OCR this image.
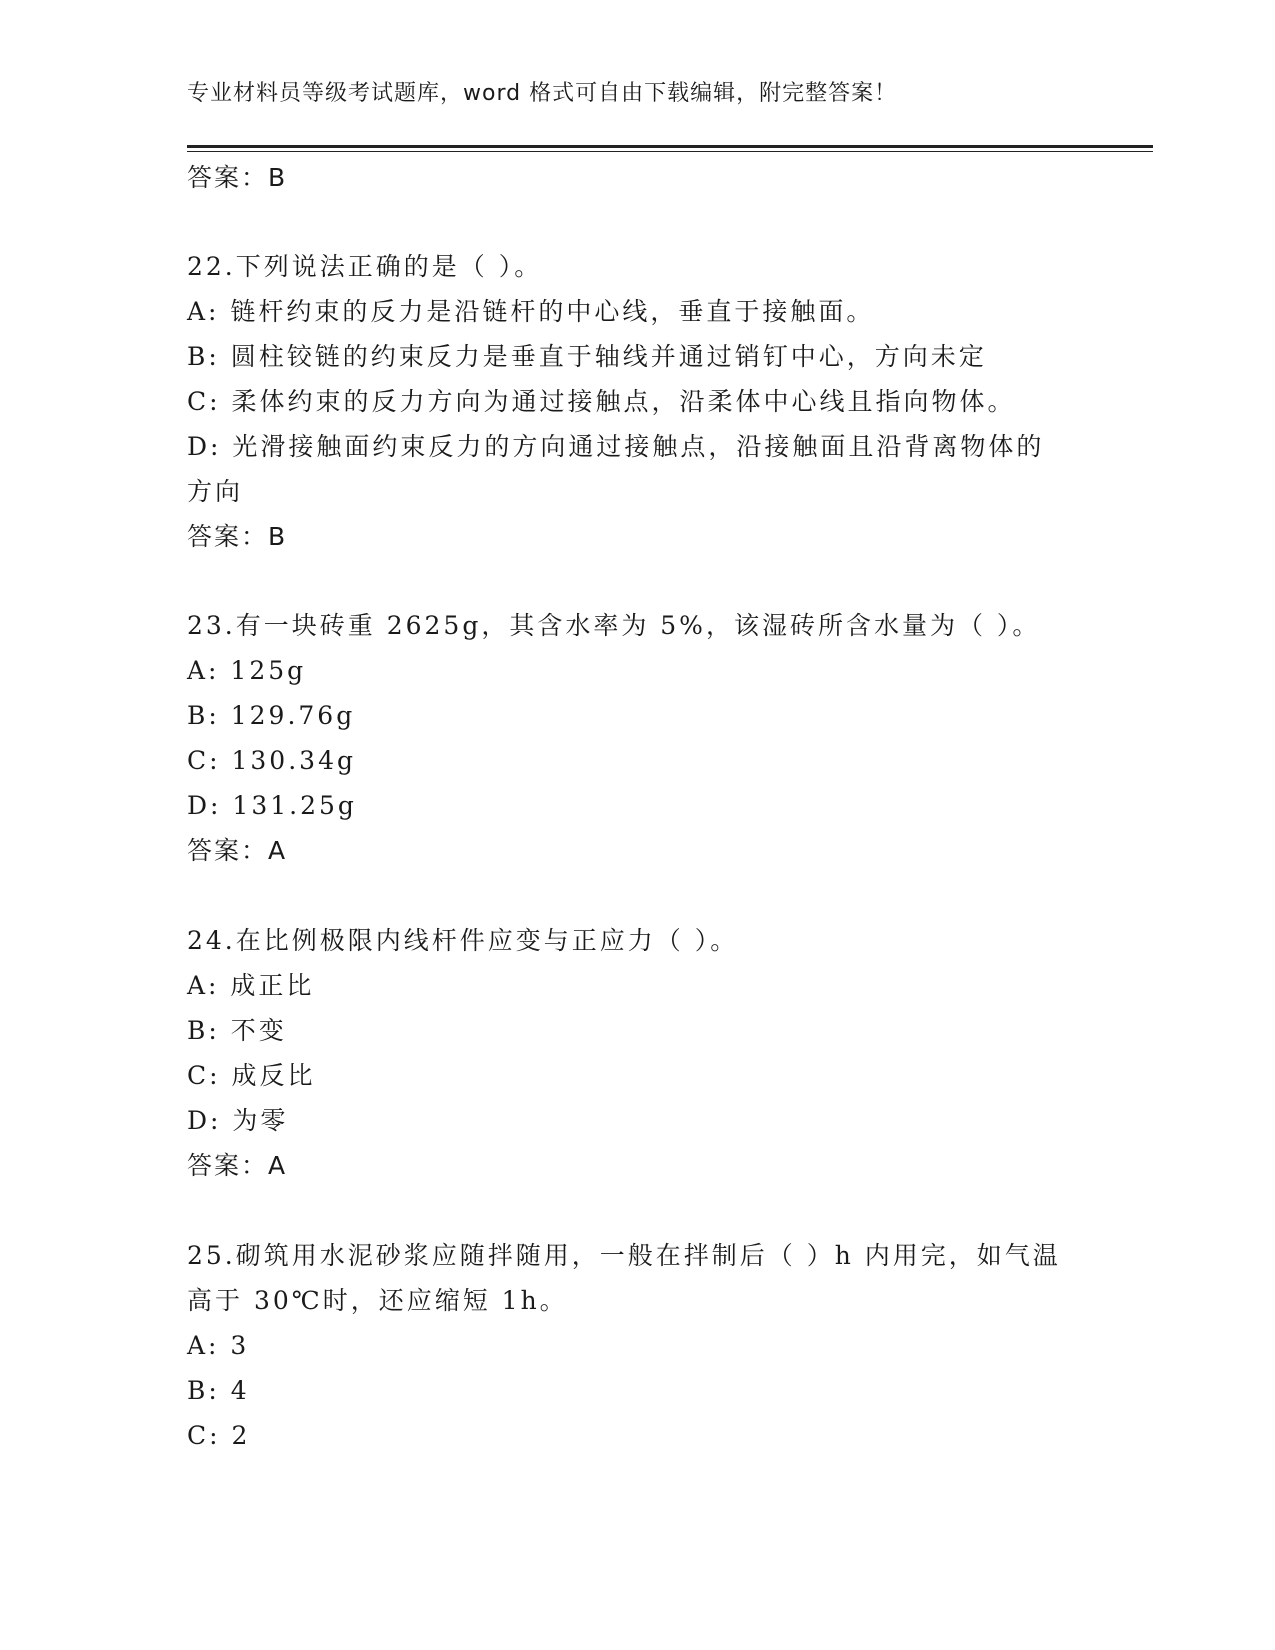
专业材料员等级考试题库，word 格式可自由下载编辑，附完整答案！
答案：B
22.下列说法正确的是（ ）。
A: 链杆约束的反力是沿链杆的中心线，垂直于接触面。
B: 圆柱铰链的约束反力是垂直于轴线并通过销钉中心，方向未定
C: 柔体约束的反力方向为通过接触点，沿柔体中心线且指向物体。
D: 光滑接触面约束反力的方向通过接触点，沿接触面且沿背离物体的
方向
答案：B
23.有一块砖重 2625g，其含水率为 5%，该湿砖所含水量为（ ）。
A: 125g
B: 129.76g
C: 130.34g
D: 131.25g
答案：A
24.在比例极限内线杆件应变与正应力（ ）。
A: 成正比
B: 不变
C: 成反比
D: 为零
答案：A
25.砌筑用水泥砂浆应随拌随用，一般在拌制后（ ）h 内用完，如气温
高于 30℃时，还应缩短 1h。
A: 3
B: 4
C: 2
